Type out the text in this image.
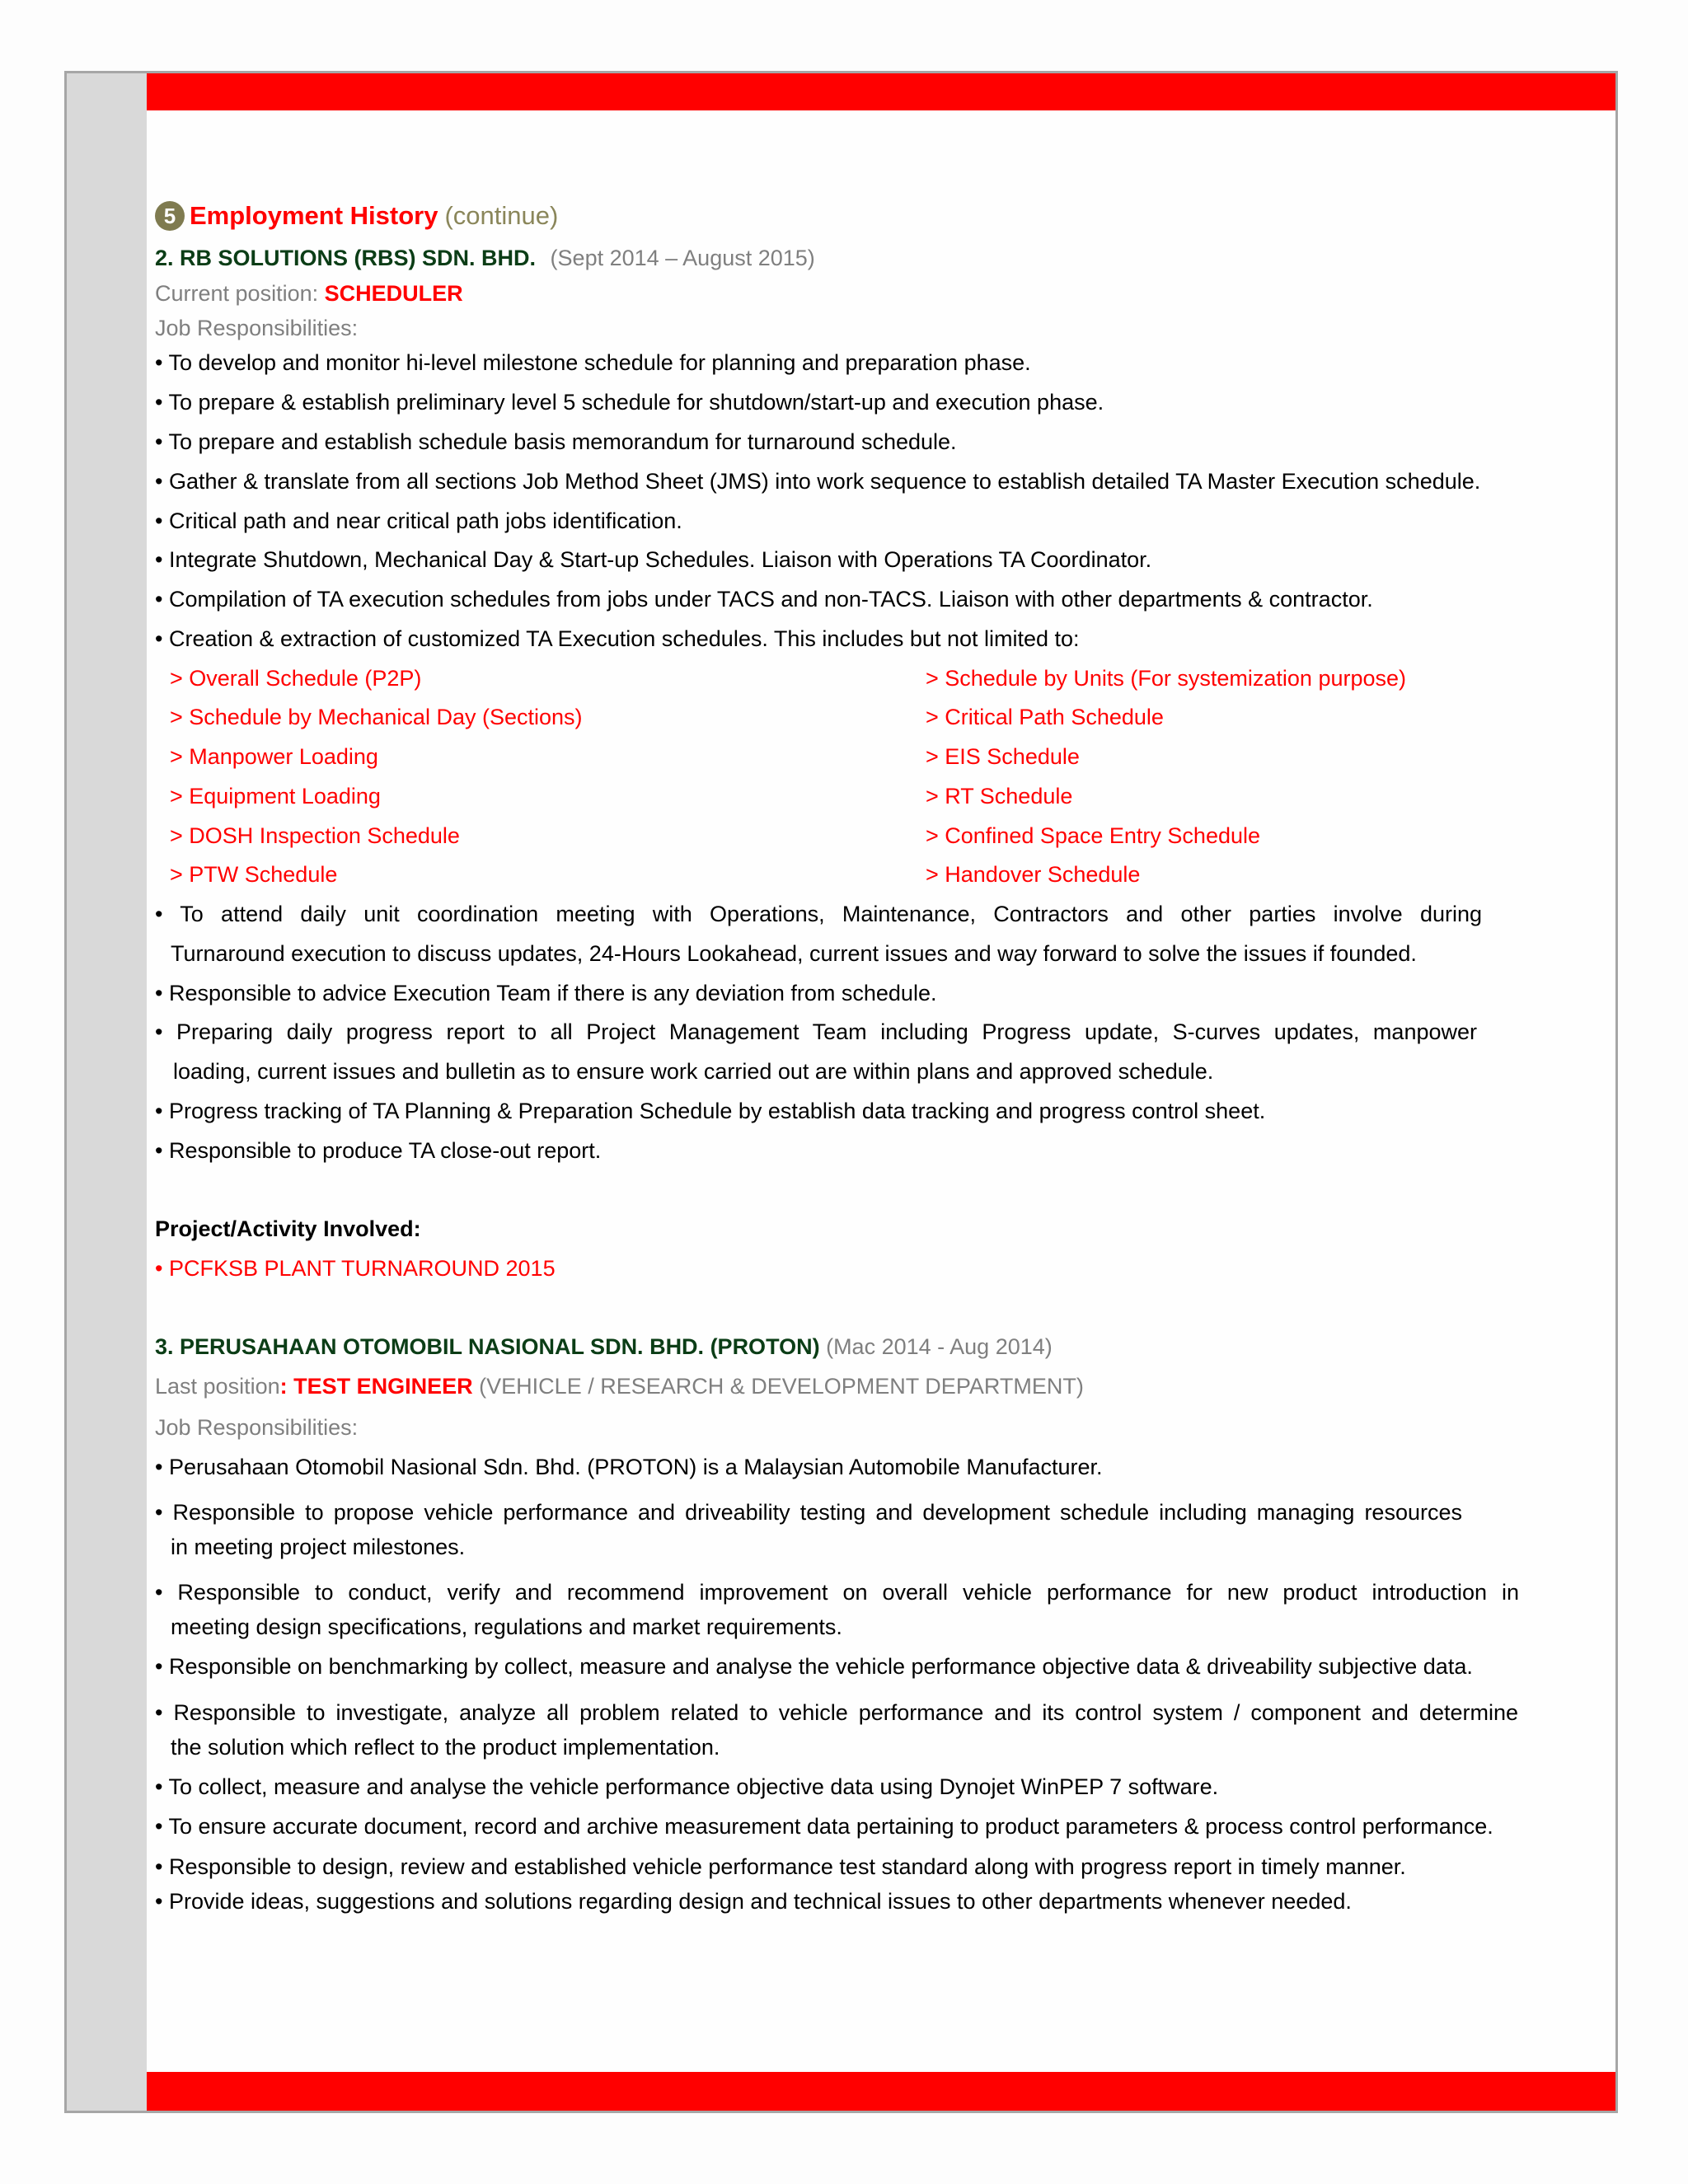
5 Employment History (continue)
2. RB SOLUTIONS (RBS) SDN. BHD. (Sept 2014 – August 2015)
Current position: SCHEDULER
Job Responsibilities:
• To develop and monitor hi-level milestone schedule for planning and preparation phase.
• To prepare & establish preliminary level 5 schedule for shutdown/start-up and execution phase.
• To prepare and establish schedule basis memorandum for turnaround schedule.
• Gather & translate from all sections Job Method Sheet (JMS) into work sequence to establish detailed TA Master Execution schedule.
• Critical path and near critical path jobs identification.
• Integrate Shutdown, Mechanical Day & Start-up Schedules. Liaison with Operations TA Coordinator.
• Compilation of TA execution schedules from jobs under TACS and non-TACS. Liaison with other departments & contractor.
• Creation & extraction of customized TA Execution schedules. This includes but not limited to:
> Overall Schedule (P2P)
> Schedule by Mechanical Day (Sections)
> Manpower Loading
> Equipment Loading
> DOSH Inspection Schedule
> PTW Schedule
> Schedule by Units (For systemization purpose)
> Critical Path Schedule
> EIS Schedule
> RT Schedule
> Confined Space Entry Schedule
> Handover Schedule
• To attend daily unit coordination meeting with Operations, Maintenance, Contractors and other parties involve during
Turnaround execution to discuss updates, 24-Hours Lookahead, current issues and way forward to solve the issues if founded.
• Responsible to advice Execution Team if there is any deviation from schedule.
• Preparing daily progress report to all Project Management Team including Progress update, S-curves updates, manpower
loading, current issues and bulletin as to ensure work carried out are within plans and approved schedule.
• Progress tracking of TA Planning & Preparation Schedule by establish data tracking and progress control sheet.
• Responsible to produce TA close-out report.
Project/Activity Involved:
• PCFKSB PLANT TURNAROUND 2015
3. PERUSAHAAN OTOMOBIL NASIONAL SDN. BHD. (PROTON) (Mac 2014 - Aug 2014)
Last position: TEST ENGINEER (VEHICLE / RESEARCH & DEVELOPMENT DEPARTMENT)
Job Responsibilities:
• Perusahaan Otomobil Nasional Sdn. Bhd. (PROTON) is a Malaysian Automobile Manufacturer.
• Responsible to propose vehicle performance and driveability testing and development schedule including managing resources
in meeting project milestones.
• Responsible to conduct, verify and recommend improvement on overall vehicle performance for new product introduction in
meeting design specifications, regulations and market requirements.
• Responsible on benchmarking by collect, measure and analyse the vehicle performance objective data & driveability subjective data.
• Responsible to investigate, analyze all problem related to vehicle performance and its control system / component and determine
the solution which reflect to the product implementation.
• To collect, measure and analyse the vehicle performance objective data using Dynojet WinPEP 7 software.
• To ensure accurate document, record and archive measurement data pertaining to product parameters & process control performance.
• Responsible to design, review and established vehicle performance test standard along with progress report in timely manner.
• Provide ideas, suggestions and solutions regarding design and technical issues to other departments whenever needed.
